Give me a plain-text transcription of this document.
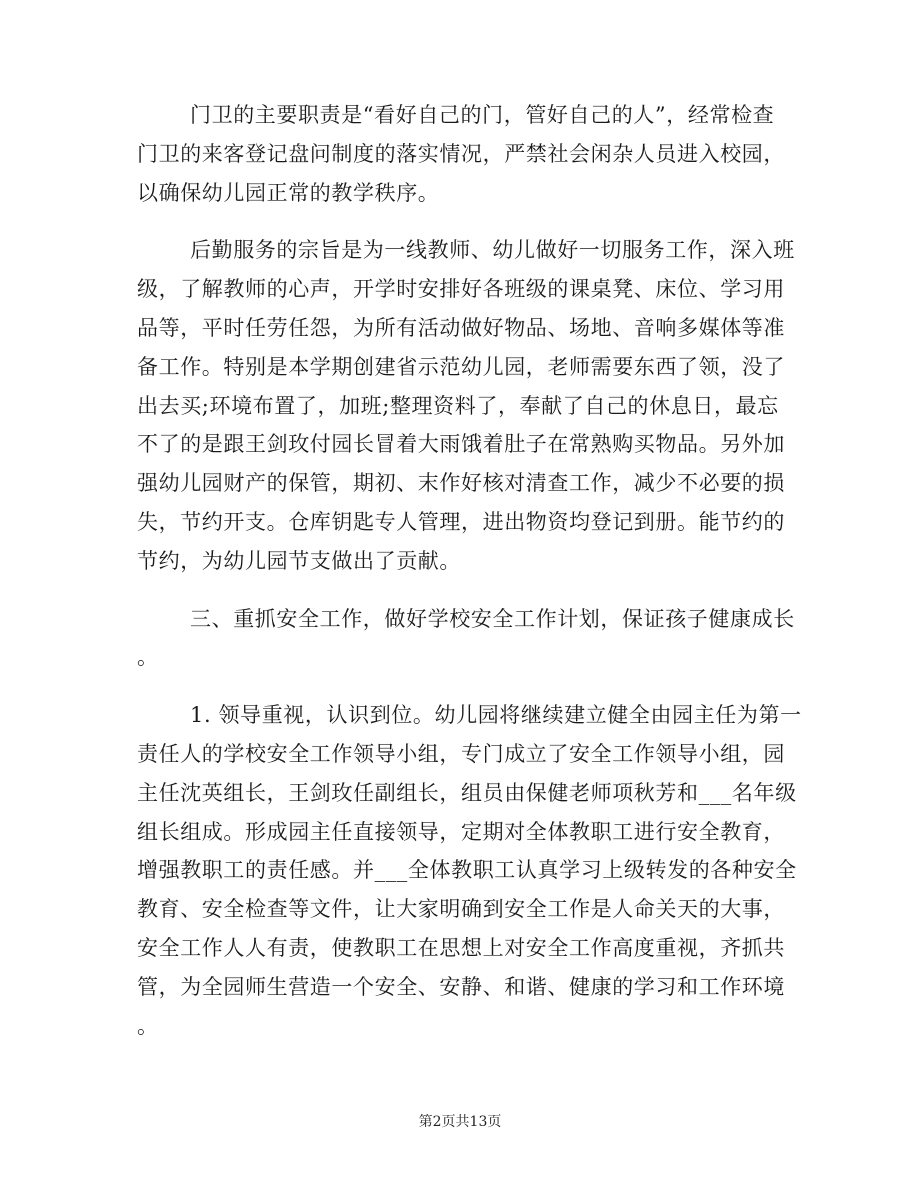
门卫的主要职责是“看好自己的门，管好自己的人”，经常检查
门卫的来客登记盘问制度的落实情况，严禁社会闲杂人员进入校园，
以确保幼儿园正常的教学秩序。
后勤服务的宗旨是为一线教师、幼儿做好一切服务工作，深入班
级，了解教师的心声，开学时安排好各班级的课桌凳、床位、学习用
品等，平时任劳任怨，为所有活动做好物品、场地、音响多媒体等准
备工作。特别是本学期创建省示范幼儿园，老师需要东西了领，没了
出去买;环境布置了，加班;整理资料了，奉献了自己的休息日，最忘
不了的是跟王剑玫付园长冒着大雨饿着肚子在常熟购买物品。另外加
强幼儿园财产的保管，期初、末作好核对清查工作，减少不必要的损
失，节约开支。仓库钥匙专人管理，进出物资均登记到册。能节约的
节约，为幼儿园节支做出了贡献。
三、重抓安全工作，做好学校安全工作计划，保证孩子健康成长
。
1. 领导重视，认识到位。幼儿园将继续建立健全由园主任为第一
责任人的学校安全工作领导小组，专门成立了安全工作领导小组，园
主任沈英组长，王剑玫任副组长，组员由保健老师项秋芳和___名年级
组长组成。形成园主任直接领导，定期对全体教职工进行安全教育，
增强教职工的责任感。并___全体教职工认真学习上级转发的各种安全
教育、安全检查等文件，让大家明确到安全工作是人命关天的大事，
安全工作人人有责，使教职工在思想上对安全工作高度重视，齐抓共
管，为全园师生营造一个安全、安静、和谐、健康的学习和工作环境
。
第2页共13页
